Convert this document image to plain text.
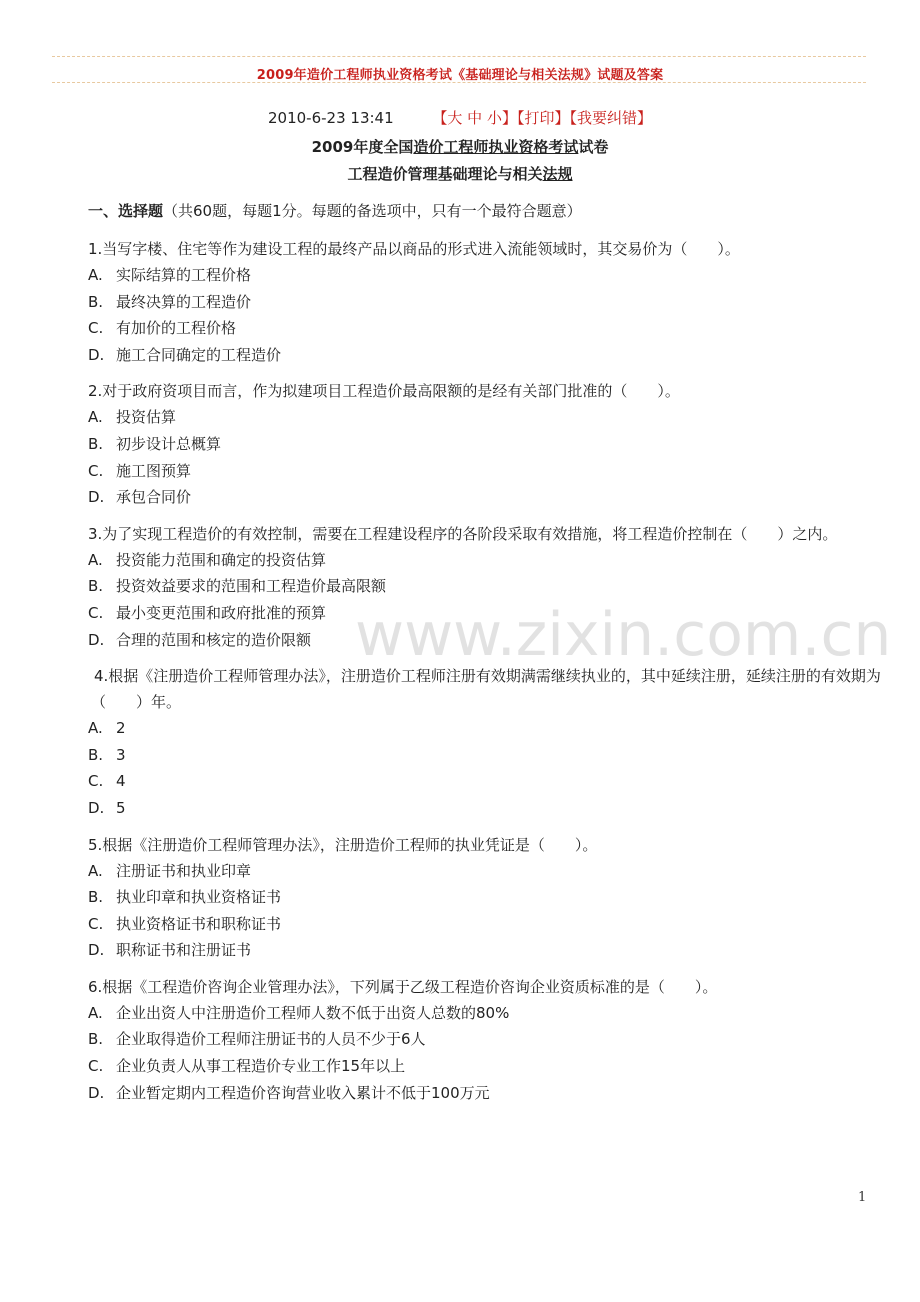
2009年造价工程师执业资格考试《基础理论与相关法规》试题及答案
2010-6-23 13:41	【大 中 小】【打印】【我要纠错】
2009年度全国造价工程师执业资格考试试卷
工程造价管理基础理论与相关法规
一、选择题（共60题，每题1分。每题的备选项中，只有一个最符合题意）
1.当写字楼、住宅等作为建设工程的最终产品以商品的形式进入流能领域时，其交易价为（　　）。
A. 实际结算的工程价格
B. 最终决算的工程造价
C. 有加价的工程价格
D. 施工合同确定的工程造价
2.对于政府资项目而言，作为拟建项目工程造价最高限额的是经有关部门批准的（　　）。
A. 投资估算
B. 初步设计总概算
C. 施工图预算
D. 承包合同价
3.为了实现工程造价的有效控制，需要在工程建设程序的各阶段采取有效措施，将工程造价控制在（　　）之内。
A. 投资能力范围和确定的投资估算
B. 投资效益要求的范围和工程造价最高限额
C. 最小变更范围和政府批准的预算
D. 合理的范围和核定的造价限额
4.根据《注册造价工程师管理办法》，注册造价工程师注册有效期满需继续执业的，其中延续注册，延续注册的有效期为（　　）年。
A. 2
B. 3
C. 4
D. 5
5.根据《注册造价工程师管理办法》，注册造价工程师的执业凭证是（　　）。
A. 注册证书和执业印章
B. 执业印章和执业资格证书
C. 执业资格证书和职称证书
D. 职称证书和注册证书
6.根据《工程造价咨询企业管理办法》，下列属于乙级工程造价咨询企业资质标准的是（　　）。
A. 企业出资人中注册造价工程师人数不低于出资人总数的80%
B. 企业取得造价工程师注册证书的人员不少于6人
C. 企业负责人从事工程造价专业工作15年以上
D. 企业暂定期内工程造价咨询营业收入累计不低于100万元
www.zixin.com.cn
1
